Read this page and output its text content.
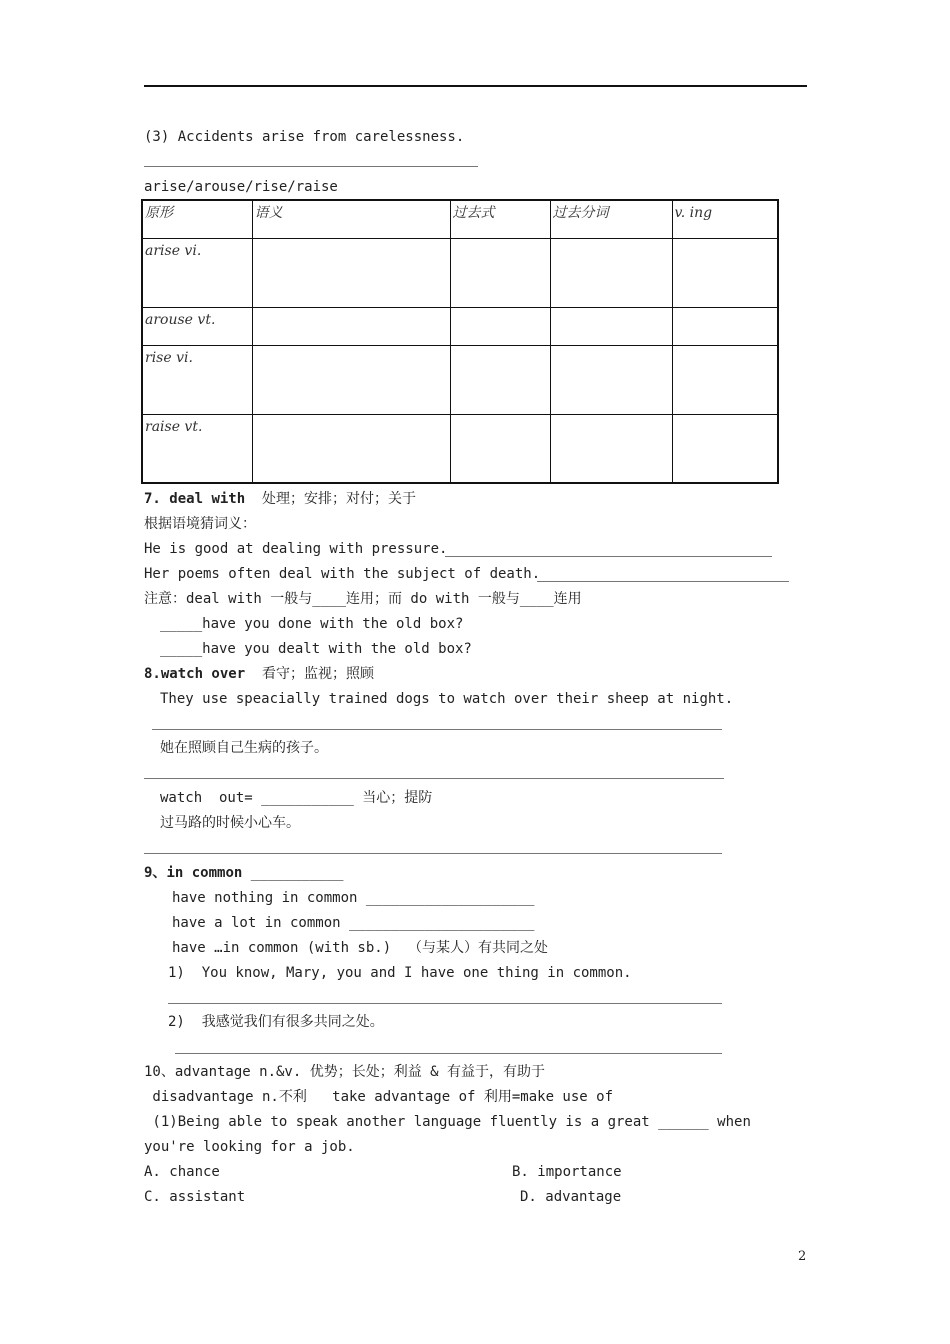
(3) Accidents arise from carelessness.
arise/arouse/rise/raise
原形	语义	过去式	过去分词	v. ing
arise vi.				
arouse vt.				
rise vi.				
raise vt.				
7. deal with 处理；安排；对付；关于
根据语境猜词义：
He is good at dealing with pressure.
Her poems often deal with the subject of death.
注意：deal with 一般与____连用；而 do with 一般与____连用
_____have you done with the old box?
_____have you dealt with the old box?
8.watch over 看守；监视；照顾
They use speacially trained dogs to watch over their sheep at night.
她在照顾自己生病的孩子。
watch  out= ___________ 当心；提防
过马路的时候小心车。
9、in common ___________
have nothing in common ____________________
have a lot in common ______________________
have …in common (with sb.)  （与某人）有共同之处
1)  You know, Mary, you and I have one thing in common.
2)  我感觉我们有很多共同之处。
10、advantage n.&v. 优势；长处；利益 & 有益于，有助于
disadvantage n.不利   take advantage of 利用=make use of
(1)Being able to speak another language fluently is a great ______ when
you're looking for a job.
A. chance	B. importance
C. assistant	D. advantage
2
